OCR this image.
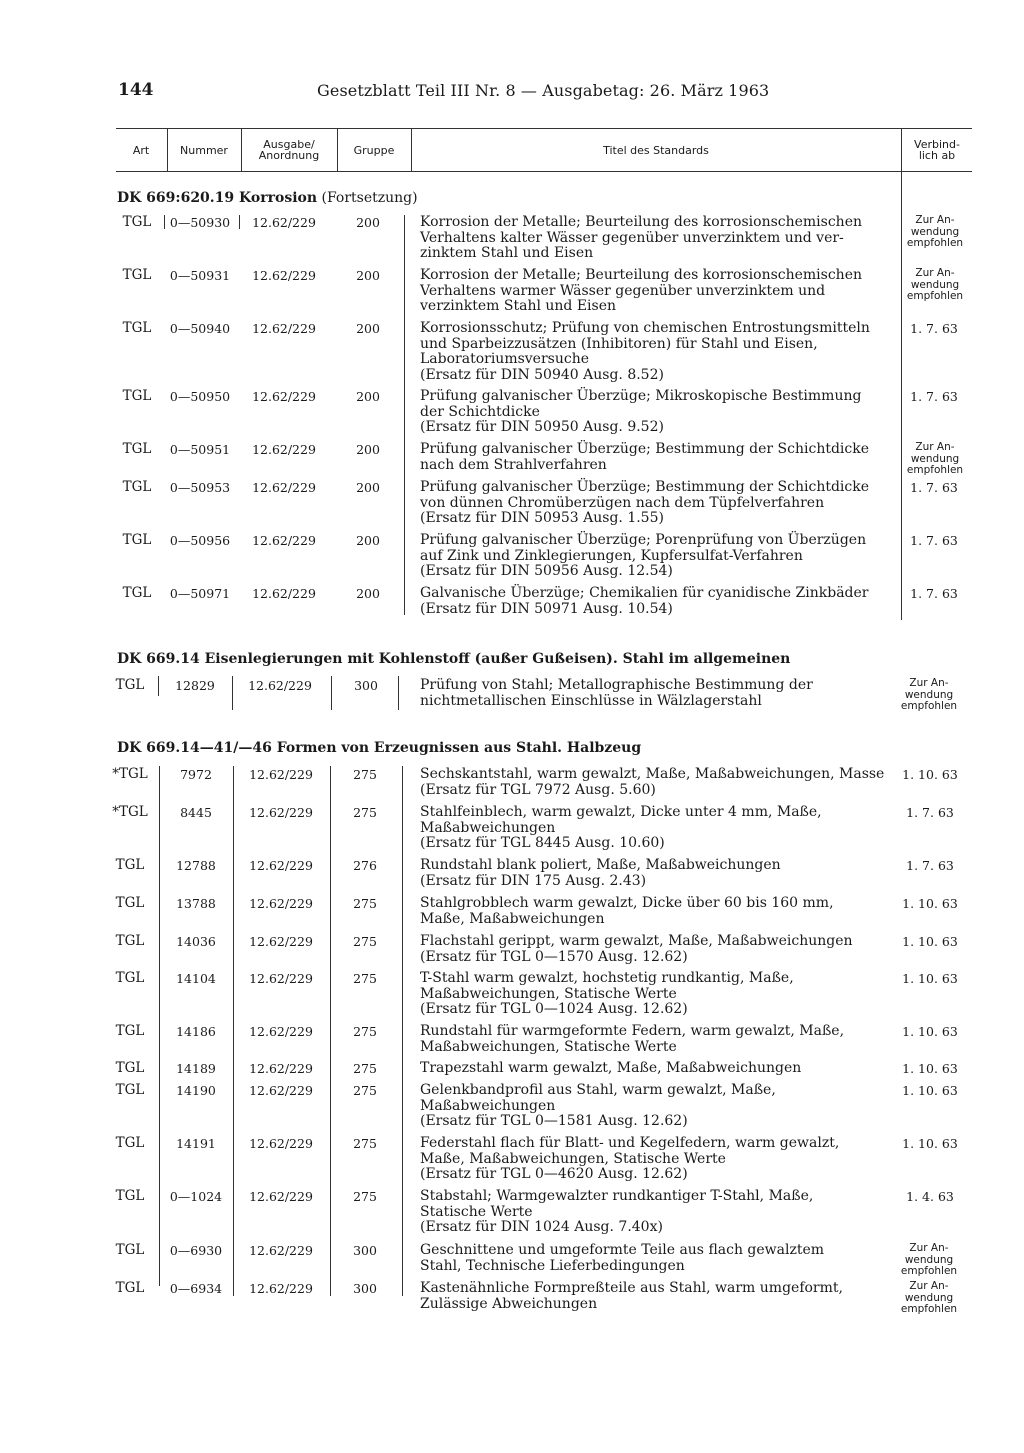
144	Gesetzblatt Teil III Nr. 8 — Ausgabetag: 26. März 1963
Art	Nummer	Ausgabe/
Anordnung	Gruppe	Titel des Standards	Verbind-
lich ab
DK 669:620.19 Korrosion (Fortsetzung)
TGL	0—50930	12.62/229	200	Korrosion der Metalle; Beurteilung des korrosionschemischen
Verhaltens kalter Wässer gegenüber unverzinktem und ver-
zinktem Stahl und Eisen
Zur An-
wendung
empfohlen
TGL	0—50931	12.62/229	200	Korrosion der Metalle; Beurteilung des korrosionschemischen
Verhaltens warmer Wässer gegenüber unverzinktem und
verzinktem Stahl und Eisen
Zur An-
wendung
empfohlen
TGL	0—50940	12.62/229	200	Korrosionsschutz; Prüfung von chemischen Entrostungsmitteln
und Sparbeizzusätzen (Inhibitoren) für Stahl und Eisen,
Laboratoriumsversuche
(Ersatz für DIN 50940 Ausg. 8.52)
1. 7. 63
TGL	0—50950	12.62/229	200	Prüfung galvanischer Überzüge; Mikroskopische Bestimmung
der Schichtdicke
(Ersatz für DIN 50950 Ausg. 9.52)
1. 7. 63
TGL	0—50951	12.62/229	200	Prüfung galvanischer Überzüge; Bestimmung der Schichtdicke
nach dem Strahlverfahren
Zur An-
wendung
empfohlen
TGL	0—50953	12.62/229	200	Prüfung galvanischer Überzüge; Bestimmung der Schichtdicke
von dünnen Chromüberzügen nach dem Tüpfelverfahren
(Ersatz für DIN 50953 Ausg. 1.55)
1. 7. 63
TGL	0—50956	12.62/229	200	Prüfung galvanischer Überzüge; Porenprüfung von Überzügen
auf Zink und Zinklegierungen, Kupfersulfat-Verfahren
(Ersatz für DIN 50956 Ausg. 12.54)
1. 7. 63
TGL	0—50971	12.62/229	200	Galvanische Überzüge; Chemikalien für cyanidische Zinkbäder
(Ersatz für DIN 50971 Ausg. 10.54)
1. 7. 63
DK 669.14 Eisenlegierungen mit Kohlenstoff (außer Gußeisen). Stahl im allgemeinen
TGL	12829	12.62/229	300	Prüfung von Stahl; Metallographische Bestimmung der
nichtmetallischen Einschlüsse in Wälzlagerstahl
Zur An-
wendung
empfohlen
DK 669.14—41/—46 Formen von Erzeugnissen aus Stahl. Halbzeug
*TGL	7972	12.62/229	275	Sechskantstahl, warm gewalzt, Maße, Maßabweichungen, Masse
(Ersatz für TGL 7972 Ausg. 5.60)
1. 10. 63
*TGL	8445	12.62/229	275	Stahlfeinblech, warm gewalzt, Dicke unter 4 mm, Maße,
Maßabweichungen
(Ersatz für TGL 8445 Ausg. 10.60)
1. 7. 63
TGL	12788	12.62/229	276	Rundstahl blank poliert, Maße, Maßabweichungen
(Ersatz für DIN 175 Ausg. 2.43)
1. 7. 63
TGL	13788	12.62/229	275	Stahlgrobblech warm gewalzt, Dicke über 60 bis 160 mm,
Maße, Maßabweichungen
1. 10. 63
TGL	14036	12.62/229	275	Flachstahl gerippt, warm gewalzt, Maße, Maßabweichungen
(Ersatz für TGL 0—1570 Ausg. 12.62)
1. 10. 63
TGL	14104	12.62/229	275	T-Stahl warm gewalzt, hochstetig rundkantig, Maße,
Maßabweichungen, Statische Werte
(Ersatz für TGL 0—1024 Ausg. 12.62)
1. 10. 63
TGL	14186	12.62/229	275	Rundstahl für warmgeformte Federn, warm gewalzt, Maße,
Maßabweichungen, Statische Werte
1. 10. 63
TGL	14189	12.62/229	275	Trapezstahl warm gewalzt, Maße, Maßabweichungen	1. 10. 63
TGL	14190	12.62/229	275	Gelenkbandprofil aus Stahl, warm gewalzt, Maße,
Maßabweichungen
(Ersatz für TGL 0—1581 Ausg. 12.62)
1. 10. 63
TGL	14191	12.62/229	275	Federstahl flach für Blatt- und Kegelfedern, warm gewalzt,
Maße, Maßabweichungen, Statische Werte
(Ersatz für TGL 0—4620 Ausg. 12.62)
1. 10. 63
TGL	0—1024	12.62/229	275	Stabstahl; Warmgewalzter rundkantiger T-Stahl, Maße,
Statische Werte
(Ersatz für DIN 1024 Ausg. 7.40x)
1. 4. 63
TGL	0—6930	12.62/229	300	Geschnittene und umgeformte Teile aus flach gewalztem
Stahl, Technische Lieferbedingungen
Zur An-
wendung
empfohlen
TGL	0—6934	12.62/229	300	Kastenähnliche Formpreßteile aus Stahl, warm umgeformt,
Zulässige Abweichungen
Zur An-
wendung
empfohlen
